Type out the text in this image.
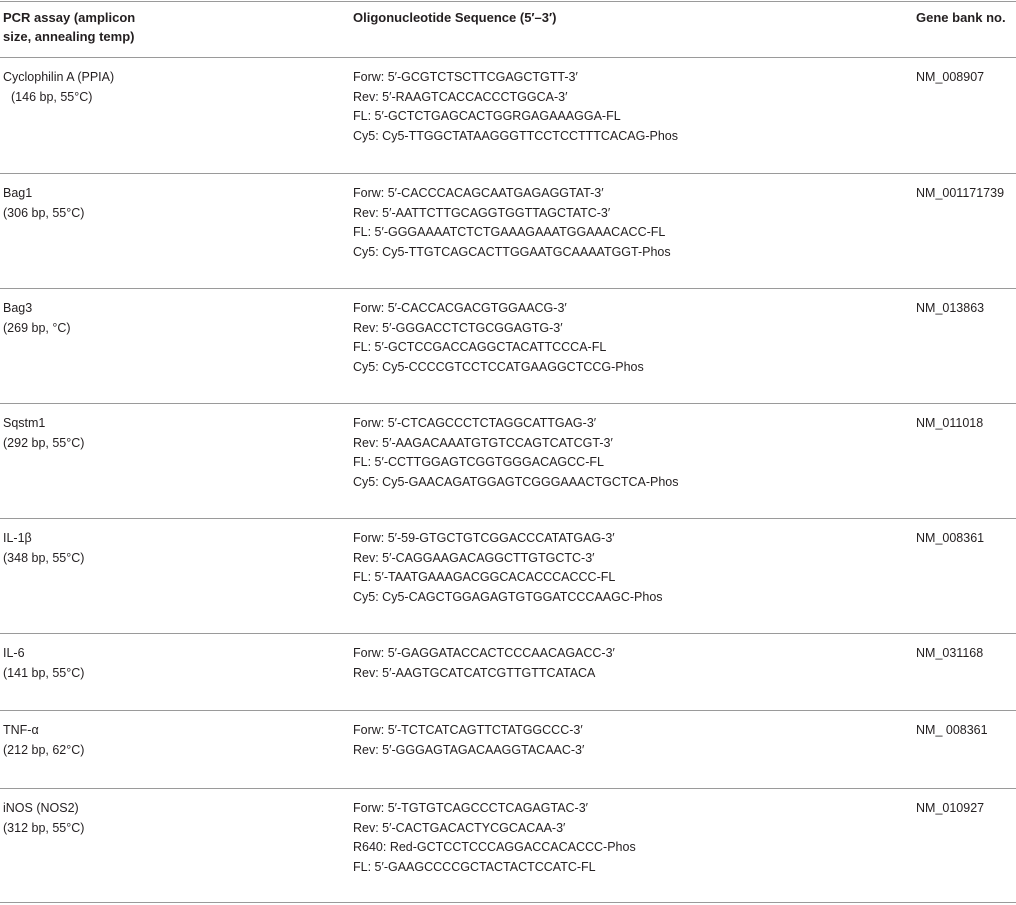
PCR assay (amplicon
size, annealing temp)
Oligonucleotide Sequence (5′–3′)	Gene bank no.
Cyclophilin A (PPIA)
(146 bp, 55°C)
Forw: 5′-GCGTCTSCTTCGAGCTGTT-3′
Rev: 5′-RAAGTCACCACCCTGGCA-3′
FL: 5′-GCTCTGAGCACTGGRGAGAAAGGA-FL
Cy5: Cy5-TTGGCTATAAGGGTTCCTCCTTTCACAG-Phos
NM_008907
Bag1
(306 bp, 55°C)
Forw: 5′-CACCCACAGCAATGAGAGGTAT-3′
Rev: 5′-AATTCTTGCAGGTGGTTAGCTATC-3′
FL: 5′-GGGAAAATCTCTGAAAGAAATGGAAACACC-FL
Cy5: Cy5-TTGTCAGCACTTGGAATGCAAAATGGT-Phos
NM_001171739
Bag3
(269 bp, °C)
Forw: 5′-CACCACGACGTGGAACG-3′
Rev: 5′-GGGACCTCTGCGGAGTG-3′
FL: 5′-GCTCCGACCAGGCTACATTCCCA-FL
Cy5: Cy5-CCCCGTCCTCCATGAAGGCTCCG-Phos
NM_013863
Sqstm1
(292 bp, 55°C)
Forw: 5′-CTCAGCCCTCTAGGCATTGAG-3′
Rev: 5′-AAGACAAATGTGTCCAGTCATCGT-3′
FL: 5′-CCTTGGAGTCGGTGGGACAGCC-FL
Cy5: Cy5-GAACAGATGGAGTCGGGAAACTGCTCA-Phos
NM_011018
IL-1β
(348 bp, 55°C)
Forw: 5′-59-GTGCTGTCGGACCCATATGAG-3′
Rev: 5′-CAGGAAGACAGGCTTGTGCTC-3′
FL: 5′-TAATGAAAGACGGCACACCCACCC-FL
Cy5: Cy5-CAGCTGGAGAGTGTGGATCCCAAGC-Phos
NM_008361
IL-6
(141 bp, 55°C)
Forw: 5′-GAGGATACCACTCCCAACAGACC-3′
Rev: 5′-AAGTGCATCATCGTTGTTCATACA
NM_031168
TNF-α
(212 bp, 62°C)
Forw: 5′-TCTCATCAGTTCTATGGCCC-3′
Rev: 5′-GGGAGTAGACAAGGTACAAC-3′
NM_ 008361
iNOS (NOS2)
(312 bp, 55°C)
Forw: 5′-TGTGTCAGCCCTCAGAGTAC-3′
Rev: 5′-CACTGACACTYCGCACAA-3′
R640: Red-GCTCCTCCCAGGACCACACCC-Phos
FL: 5′-GAAGCCCCGCTACTACTCCATC-FL
NM_010927
